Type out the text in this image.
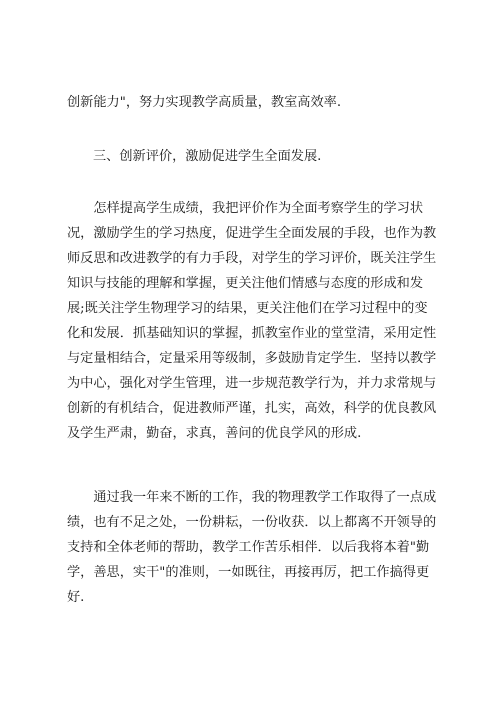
创新能力"，努力实现教学高质量，教室高效率.
三、创新评价，激励促进学生全面发展.
　　怎样提高学生成绩，我把评价作为全面考察学生的学习状
况，激励学生的学习热度，促进学生全面发展的手段，也作为教
师反思和改进教学的有力手段，对学生的学习评价，既关注学生
知识与技能的理解和掌握，更关注他们情感与态度的形成和发
展;既关注学生物理学习的结果，更关注他们在学习过程中的变
化和发展．抓基础知识的掌握，抓教室作业的堂堂清，采用定性
与定量相结合，定量采用等级制，多鼓励肯定学生．坚持以教学
为中心，强化对学生管理，进一步规范教学行为，并力求常规与
创新的有机结合，促进教师严谨，扎实，高效，科学的优良教风
及学生严肃，勤奋，求真，善问的优良学风的形成.
　　通过我一年来不断的工作，我的物理教学工作取得了一点成
绩，也有不足之处，一份耕耘，一份收获．以上都离不开领导的
支持和全体老师的帮助，教学工作苦乐相伴．以后我将本着"勤
学，善思，实干"的准则，一如既往，再接再厉，把工作搞得更
好.
